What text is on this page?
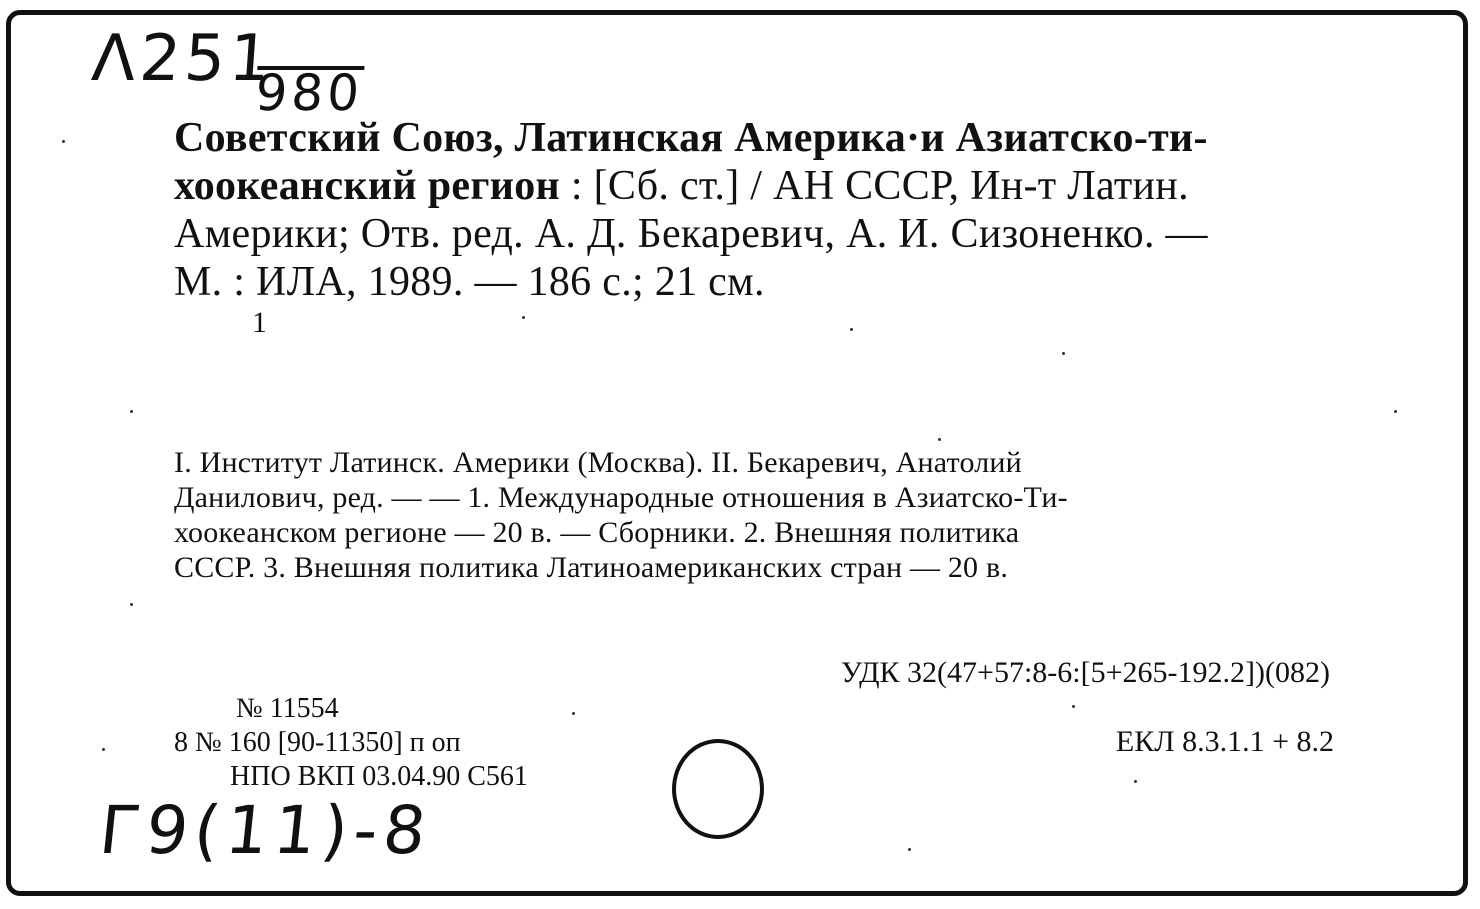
Λ251
980
Советский Союз, Латинская Америка·и Азиатско-ти-
хоокеанский регион : [Сб. ст.] / АН СССР, Ин-т Латин.
Америки; Отв. ред. А. Д. Бекаревич, А. И. Сизоненко. —
М. : ИЛА, 1989. — 186 с.; 21 см.
1
I. Институт Латинск. Америки (Москва). II. Бекаревич, Анатолий
Данилович, ред. — — 1. Международные отношения в Азиатско-Ти-
хоокеанском регионе — 20 в. — Сборники. 2. Внешняя политика
СССР. 3. Внешняя политика Латиноамериканских стран — 20 в.
УДК 32(47+57:8-6:[5+265-192.2])(082)
ЕКЛ 8.3.1.1 + 8.2
№ 11554
8 № 160 [90-11350] п оп
НПО ВКП 03.04.90 С561
Г9(11)-8
